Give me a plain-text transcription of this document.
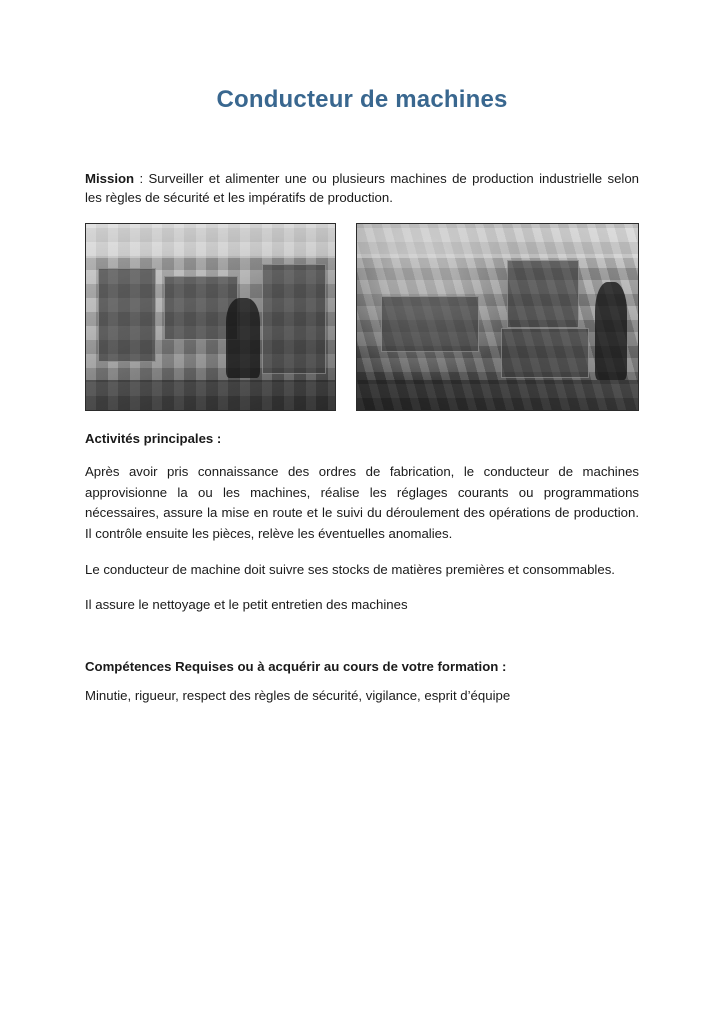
Conducteur de machines

Mission : Surveiller et alimenter une ou plusieurs machines de production industrielle selon les règles de sécurité et les impératifs de production.

Activités principales :

Après avoir pris connaissance des ordres de fabrication, le conducteur de machines approvisionne la ou les machines, réalise les réglages courants ou programmations nécessaires, assure la mise en route et le suivi du déroulement des opérations de production. Il contrôle ensuite les pièces, relève les éventuelles anomalies.

Le conducteur de machine doit suivre ses stocks de matières premières et consommables.

Il assure le nettoyage et le petit entretien des machines

Compétences Requises ou à acquérir au cours de votre formation :

Minutie, rigueur, respect des règles de sécurité, vigilance, esprit d’équipe
